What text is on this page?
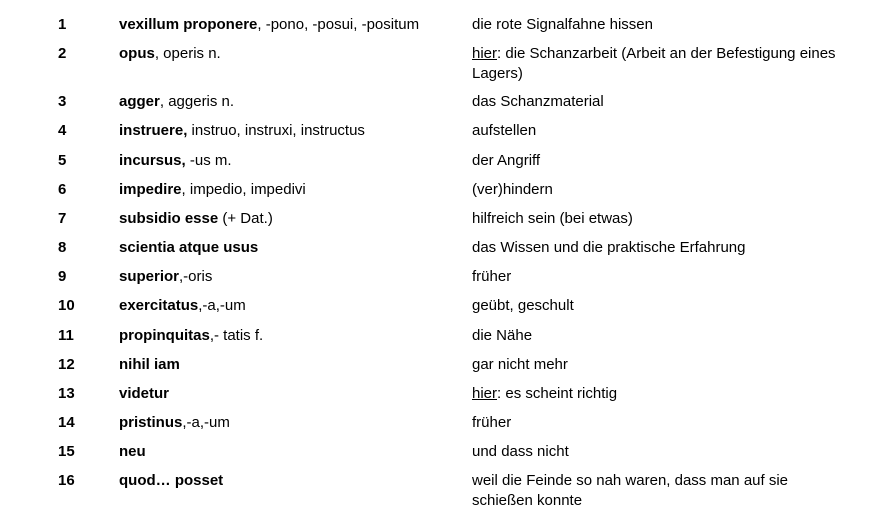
1	vexillum proponere, -pono, -posui, -positum	die rote Signalfahne hissen
2	opus, operis n.	hier: die Schanzarbeit (Arbeit an der Befestigung eines Lagers)
3	agger, aggeris n.	das Schanzmaterial
4	instruere, instruo, instruxi, instructus	aufstellen
5	incursus, -us m.	der Angriff
6	impedire, impedio, impedivi	(ver)hindern
7	subsidio esse (+ Dat.)	hilfreich sein (bei etwas)
8	scientia atque usus	das Wissen und die praktische Erfahrung
9	superior,-oris	früher
10	exercitatus,-a,-um	geübt, geschult
11	propinquitas,- tatis f.	die Nähe
12	nihil iam	gar nicht mehr
13	videtur	hier: es scheint richtig
14	pristinus,-a,-um	früher
15	neu	und dass nicht
16	quod… posset	weil die Feinde so nah waren, dass man auf sie schießen konnte
